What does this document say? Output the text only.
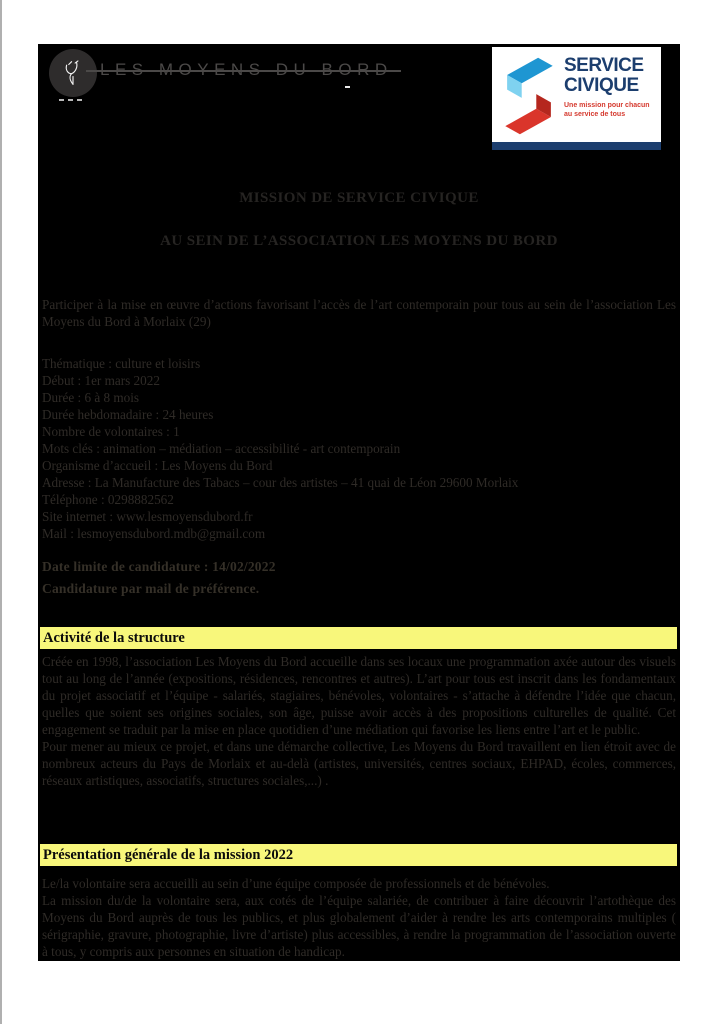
SERVICE
CIVIQUE
Une mission pour chacun
au service de tous
MISSION DE SERVICE CIVIQUE
AU SEIN DE L’ASSOCIATION LES MOYENS DU BORD
Participer à la mise en œuvre d’actions favorisant l’accès de l’art contemporain pour tous au sein de l’association Les Moyens du Bord à Morlaix (29)
Thématique : culture et loisirs
Début : 1er mars 2022
Durée : 6 à 8 mois
Durée hebdomadaire : 24 heures
Nombre de volontaires : 1
Mots clés : animation – médiation – accessibilité - art contemporain
Organisme d’accueil : Les Moyens du Bord
Adresse : La Manufacture des Tabacs – cour des artistes – 41 quai de Léon 29600 Morlaix
Téléphone : 0298882562
Site internet : www.lesmoyensdubord.fr
Mail : lesmoyensdubord.mdb@gmail.com
Date limite de candidature : 14/02/2022
Candidature par mail de préférence.
Activité de la structure
Créée en 1998, l’association Les Moyens du Bord accueille dans ses locaux une programmation axée autour des visuels tout au long de l’année (expositions, résidences, rencontres et autres). L’art pour tous est inscrit dans les fondamentaux du projet associatif et l’équipe - salariés, stagiaires, bénévoles, volontaires - s’attache à défendre l’idée que chacun, quelles que soient ses origines sociales, son âge, puisse avoir accès à des propositions culturelles de qualité. Cet engagement se traduit par la mise en place quotidien d’une médiation qui favorise les liens entre l’art et le public.
Pour mener au mieux ce projet, et dans une démarche collective, Les Moyens du Bord travaillent en lien étroit avec de nombreux acteurs du Pays de Morlaix et au-delà (artistes, universités, centres sociaux, EHPAD, écoles, commerces, réseaux artistiques, associatifs, structures sociales,...) .
Présentation générale de la mission 2022
Le/la volontaire sera accueilli au sein d’une équipe composée de professionnels et de bénévoles.
La mission du/de la volontaire sera, aux cotés de l’équipe salariée, de contribuer à faire découvrir l’artothèque des Moyens du Bord auprès de tous les publics, et plus globalement d’aider à rendre les arts contemporains multiples ( sérigraphie, gravure, photographie, livre d’artiste) plus accessibles, à rendre la programmation de l’association ouverte à tous, y compris aux personnes en situation de handicap.
